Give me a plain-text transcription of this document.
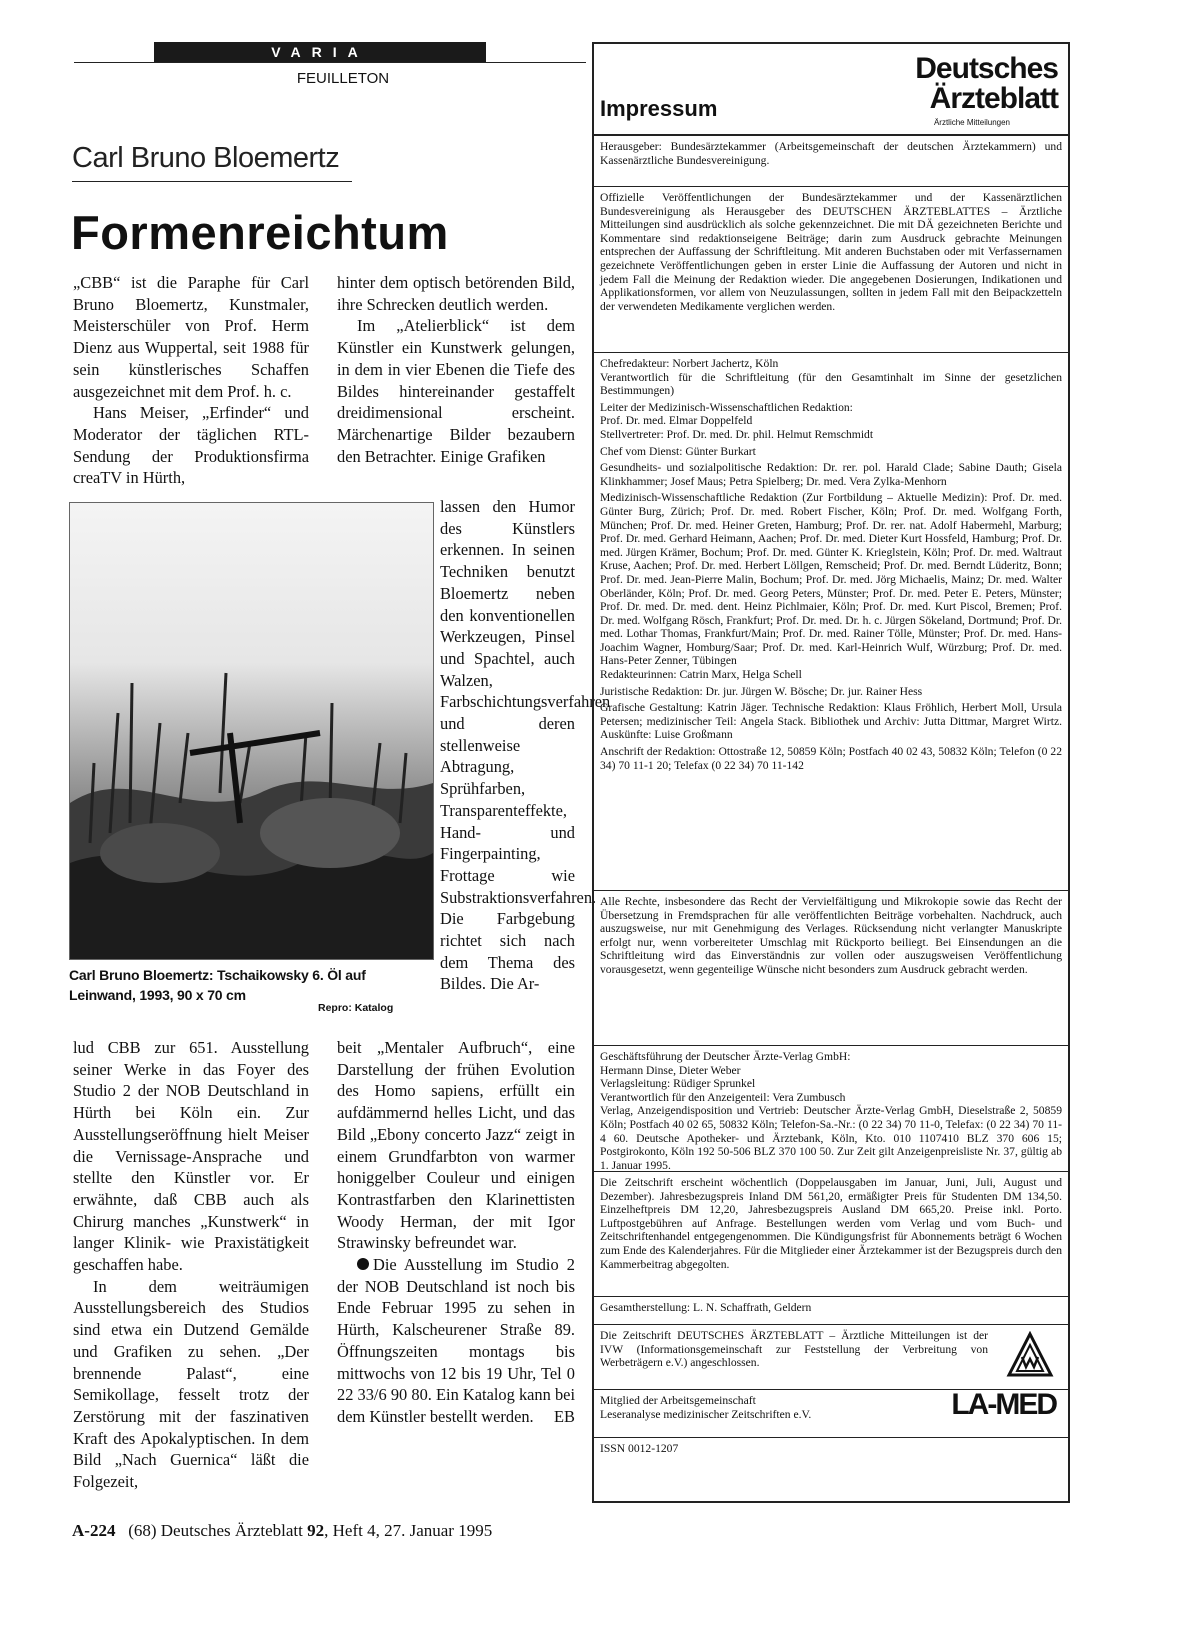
VARIA
FEUILLETON
Carl Bruno Bloemertz
Formenreichtum

„CBB“ ist die Paraphe für Carl Bruno Bloemertz, Kunstmaler, Meisterschüler von Prof. Herm Dienz aus Wuppertal, seit 1988 für sein künstlerisches Schaffen ausgezeichnet mit dem Prof. h. c.

Hans Meiser, „Erfinder“ und Moderator der täglichen RTL-Sendung der Produktionsfirma creaTV in Hürth,

hinter dem optisch betörenden Bild, ihre Schrecken deutlich werden.

Im „Atelierblick“ ist dem Künstler ein Kunstwerk gelungen, in dem in vier Ebenen die Tiefe des Bildes hintereinander gestaffelt dreidimensional erscheint. Märchenartige Bilder bezaubern den Betrachter. Einige Grafiken

lassen den Humor des Künstlers erkennen. In seinen Techniken benutzt Bloemertz neben den konventionellen Werkzeugen, Pinsel und Spachtel, auch Walzen, Farbschichtungsverfahren und deren stellenweise Abtragung, Sprühfarben, Transparenteffekte, Hand- und Fingerpainting, Frottage wie Substraktionsverfahren. Die Farbgebung richtet sich nach dem Thema des Bildes. Die Ar-

Carl Bruno Bloemertz: Tschaikowsky 6. Öl auf Leinwand, 1993, 90 x 70 cm
Repro: Katalog

lud CBB zur 651. Ausstellung seiner Werke in das Foyer des Studio 2 der NOB Deutschland in Hürth bei Köln ein. Zur Ausstellungseröffnung hielt Meiser die Vernissage-Ansprache und stellte den Künstler vor. Er erwähnte, daß CBB auch als Chirurg manches „Kunstwerk“ in langer Klinik- wie Praxistätigkeit geschaffen habe.

In dem weiträumigen Ausstellungsbereich des Studios sind etwa ein Dutzend Gemälde und Grafiken zu sehen. „Der brennende Palast“, eine Semikollage, fesselt trotz der Zerstörung mit der faszinativen Kraft des Apokalyptischen. In dem Bild „Nach Guernica“ läßt die Folgezeit,

beit „Mentaler Aufbruch“, eine Darstellung der frühen Evolution des Homo sapiens, erfüllt ein aufdämmernd helles Licht, und das Bild „Ebony concerto Jazz“ zeigt in einem Grundfarbton von warmer honiggelber Couleur und einigen Kontrastfarben den Klarinettisten Woody Herman, der mit Igor Strawinsky befreundet war.

Die Ausstellung im Studio 2 der NOB Deutschland ist noch bis Ende Februar 1995 zu sehen in Hürth, Kalscheurener Straße 89. Öffnungszeiten montags bis mittwochs von 12 bis 19 Uhr, Tel 0 22 33/6 90 80. Ein Katalog kann bei dem Künstler bestellt werden.	EB

A-224 (68) Deutsches Ärzteblatt 92, Heft 4, 27. Januar 1995
Impressum
Deutsches
Ärzteblatt
Ärztliche Mitteilungen

Herausgeber: Bundesärztekammer (Arbeitsgemeinschaft der deutschen Ärztekammern) und Kassenärztliche Bundesvereinigung.

Offizielle Veröffentlichungen der Bundesärztekammer und der Kassenärztlichen Bundesvereinigung als Herausgeber des DEUTSCHEN ÄRZTEBLATTES – Ärztliche Mitteilungen sind ausdrücklich als solche gekennzeichnet. Die mit DÄ gezeichneten Berichte und Kommentare sind redaktionseigene Beiträge; darin zum Ausdruck gebrachte Meinungen entsprechen der Auffassung der Schriftleitung. Mit anderen Buchstaben oder mit Verfassernamen gezeichnete Veröffentlichungen geben in erster Linie die Auffassung der Autoren und nicht in jedem Fall die Meinung der Redaktion wieder. Die angegebenen Dosierungen, Indikationen und Applikationsformen, vor allem von Neuzulassungen, sollten in jedem Fall mit den Beipackzetteln der verwendeten Medikamente verglichen werden.

Chefredakteur: Norbert Jachertz, Köln

Verantwortlich für die Schriftleitung (für den Gesamtinhalt im Sinne der gesetzlichen Bestimmungen)

Leiter der Medizinisch-Wissenschaftlichen Redaktion:

Prof. Dr. med. Elmar Doppelfeld

Stellvertreter: Prof. Dr. med. Dr. phil. Helmut Remschmidt

Chef vom Dienst: Günter Burkart

Gesundheits- und sozialpolitische Redaktion: Dr. rer. pol. Harald Clade; Sabine Dauth; Gisela Klinkhammer; Josef Maus; Petra Spielberg; Dr. med. Vera Zylka-Menhorn

Medizinisch-Wissenschaftliche Redaktion (Zur Fortbildung – Aktuelle Medizin): Prof. Dr. med. Günter Burg, Zürich; Prof. Dr. med. Robert Fischer, Köln; Prof. Dr. med. Wolfgang Forth, München; Prof. Dr. med. Heiner Greten, Hamburg; Prof. Dr. rer. nat. Adolf Habermehl, Marburg; Prof. Dr. med. Gerhard Heimann, Aachen; Prof. Dr. med. Dieter Kurt Hossfeld, Hamburg; Prof. Dr. med. Jürgen Krämer, Bochum; Prof. Dr. med. Günter K. Krieglstein, Köln; Prof. Dr. med. Waltraut Kruse, Aachen; Prof. Dr. med. Herbert Löllgen, Remscheid; Prof. Dr. med. Berndt Lüderitz, Bonn; Prof. Dr. med. Jean-Pierre Malin, Bochum; Prof. Dr. med. Jörg Michaelis, Mainz; Dr. med. Walter Oberländer, Köln; Prof. Dr. med. Georg Peters, Münster; Prof. Dr. med. Peter E. Peters, Münster; Prof. Dr. med. Dr. med. dent. Heinz Pichlmaier, Köln; Prof. Dr. med. Kurt Piscol, Bremen; Prof. Dr. med. Wolfgang Rösch, Frankfurt; Prof. Dr. med. Dr. h. c. Jürgen Sökeland, Dortmund; Prof. Dr. med. Lothar Thomas, Frankfurt/Main; Prof. Dr. med. Rainer Tölle, Münster; Prof. Dr. med. Hans-Joachim Wagner, Homburg/Saar; Prof. Dr. med. Karl-Heinrich Wulf, Würzburg; Prof. Dr. med. Hans-Peter Zenner, Tübingen

Redakteurinnen: Catrin Marx, Helga Schell

Juristische Redaktion: Dr. jur. Jürgen W. Bösche; Dr. jur. Rainer Hess

Grafische Gestaltung: Katrin Jäger. Technische Redaktion: Klaus Fröhlich, Herbert Moll, Ursula Petersen; medizinischer Teil: Angela Stack. Bibliothek und Archiv: Jutta Dittmar, Margret Wirtz. Auskünfte: Luise Großmann

Anschrift der Redaktion: Ottostraße 12, 50859 Köln; Postfach 40 02 43, 50832 Köln; Telefon (0 22 34) 70 11-1 20; Telefax (0 22 34) 70 11-142

Alle Rechte, insbesondere das Recht der Vervielfältigung und Mikrokopie sowie das Recht der Übersetzung in Fremdsprachen für alle veröffentlichten Beiträge vorbehalten. Nachdruck, auch auszugsweise, nur mit Genehmigung des Verlages. Rücksendung nicht verlangter Manuskripte erfolgt nur, wenn vorbereiteter Umschlag mit Rückporto beiliegt. Bei Einsendungen an die Schriftleitung wird das Einverständnis zur vollen oder auszugsweisen Veröffentlichung vorausgesetzt, wenn gegenteilige Wünsche nicht besonders zum Ausdruck gebracht werden.

Geschäftsführung der Deutscher Ärzte-Verlag GmbH:

Hermann Dinse, Dieter Weber

Verlagsleitung: Rüdiger Sprunkel

Verantwortlich für den Anzeigenteil: Vera Zumbusch

Verlag, Anzeigendisposition und Vertrieb: Deutscher Ärzte-Verlag GmbH, Dieselstraße 2, 50859 Köln; Postfach 40 02 65, 50832 Köln; Telefon-Sa.-Nr.: (0 22 34) 70 11-0, Telefax: (0 22 34) 70 11-4 60. Deutsche Apotheker- und Ärztebank, Köln, Kto. 010 1107410 BLZ 370 606 15; Postgirokonto, Köln 192 50-506 BLZ 370 100 50. Zur Zeit gilt Anzeigenpreisliste Nr. 37, gültig ab 1. Januar 1995.

Die Zeitschrift erscheint wöchentlich (Doppelausgaben im Januar, Juni, Juli, August und Dezember). Jahresbezugspreis Inland DM 561,20, ermäßigter Preis für Studenten DM 134,50. Einzelheftpreis DM 12,20, Jahresbezugspreis Ausland DM 665,20. Preise inkl. Porto. Luftpostgebühren auf Anfrage. Bestellungen werden vom Verlag und vom Buch- und Zeitschriftenhandel entgegengenommen. Die Kündigungsfrist für Abonnements beträgt 6 Wochen zum Ende des Kalenderjahres. Für die Mitglieder einer Ärztekammer ist der Bezugspreis durch den Kammerbeitrag abgegolten.

Gesamtherstellung: L. N. Schaffrath, Geldern

Die Zeitschrift DEUTSCHES ÄRZTEBLATT – Ärztliche Mitteilungen ist der IVW (Informationsgemeinschaft zur Feststellung der Verbreitung von Werbeträgern e.V.) angeschlossen.

Mitglied der Arbeitsgemeinschaft

Leseranalyse medizinischer Zeitschriften e.V.	LA-MED

ISSN 0012-1207
